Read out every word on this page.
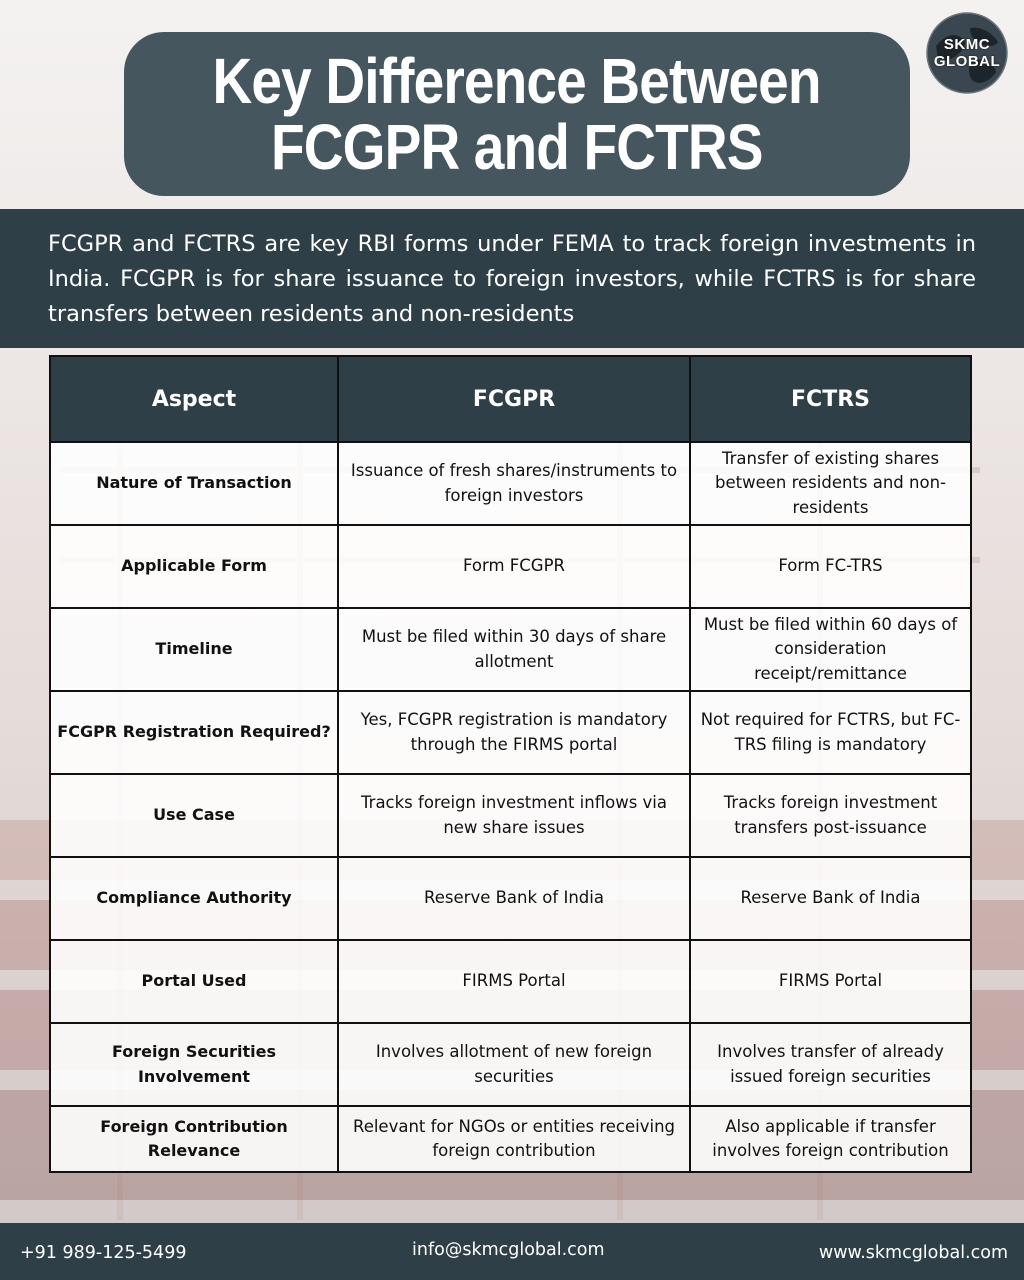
Key Difference Between
FCGPR and FCTRS
SKMC
GLOBAL

FCGPR and FCTRS are key RBI forms under FEMA to track foreign investments in India. FCGPR is for share issuance to foreign investors, while FCTRS is for share transfers between residents and non-residents

Aspect	FCGPR	FCTRS
Nature of Transaction	Issuance of fresh shares/instruments to foreign investors	Transfer of existing shares between residents and non-residents
Applicable Form	Form FCGPR	Form FC-TRS
Timeline	Must be filed within 30 days of share allotment	Must be filed within 60 days of consideration receipt/remittance
FCGPR Registration Required?	Yes, FCGPR registration is mandatory through the FIRMS portal	Not required for FCTRS, but FC-TRS filing is mandatory
Use Case	Tracks foreign investment inflows via new share issues	Tracks foreign investment transfers post-issuance
Compliance Authority	Reserve Bank of India	Reserve Bank of India
Portal Used	FIRMS Portal	FIRMS Portal
Foreign Securities Involvement	Involves allotment of new foreign securities	Involves transfer of already issued foreign securities
Foreign Contribution Relevance	Relevant for NGOs or entities receiving foreign contribution	Also applicable if transfer involves foreign contribution
+91 989-125-5499	info@skmcglobal.com	www.skmcglobal.com
